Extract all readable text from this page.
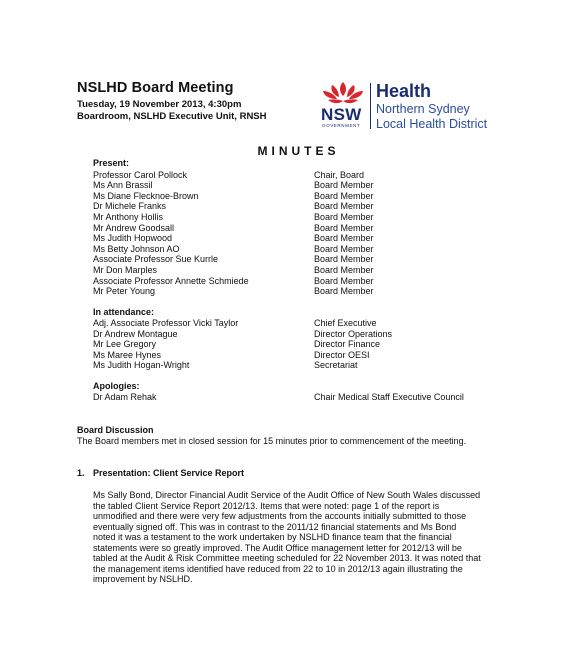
NSLHD Board Meeting
Tuesday, 19 November 2013, 4:30pm
Boardroom, NSLHD Executive Unit, RNSH	NSW
GOVERNMENT
Health
Northern Sydney
Local Health District
MINUTES
Present:
Professor Carol Pollock	Chair, Board
Ms Ann Brassil	Board Member
Ms Diane Flecknoe-Brown	Board Member
Dr Michele Franks	Board Member
Mr Anthony Hollis	Board Member
Mr Andrew Goodsall	Board Member
Ms Judith Hopwood	Board Member
Ms Betty Johnson AO	Board Member
Associate Professor Sue Kurrle	Board Member
Mr Don Marples	Board Member
Associate Professor Annette Schmiede	Board Member
Mr Peter Young	Board Member
In attendance:
Adj. Associate Professor Vicki Taylor	Chief Executive
Dr Andrew Montague	Director Operations
Mr Lee Gregory	Director Finance
Ms Maree Hynes	Director OESI
Ms Judith Hogan-Wright	Secretariat
Apologies:
Dr Adam Rehak	Chair Medical Staff Executive Council
Board Discussion
The Board members met in closed session for 15 minutes prior to commencement of the meeting.
1. Presentation: Client Service Report
Ms Sally Bond, Director Financial Audit Service of the Audit Office of New South Wales discussed
the tabled Client Service Report 2012/13. Items that were noted: page 1 of the report is
unmodified and there were very few adjustments from the accounts initially submitted to those
eventually signed off. This was in contrast to the 2011/12 financial statements and Ms Bond
noted it was a testament to the work undertaken by NSLHD finance team that the financial
statements were so greatly improved. The Audit Office management letter for 2012/13 will be
tabled at the Audit & Risk Committee meeting scheduled for 22 November 2013. It was noted that
the management items identified have reduced from 22 to 10 in 2012/13 again illustrating the
improvement by NSLHD.
